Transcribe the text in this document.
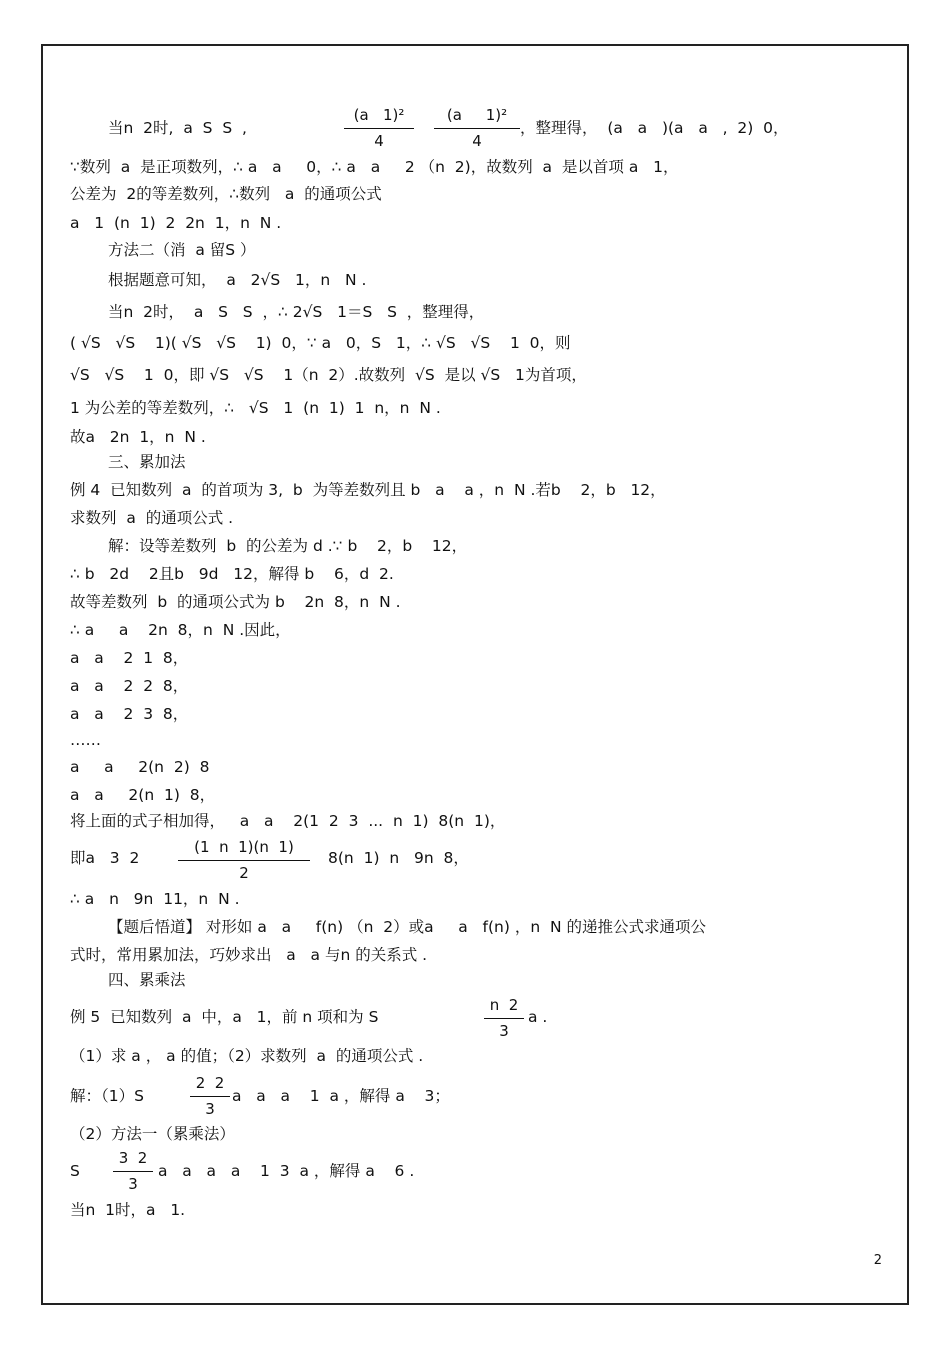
当n  2时,  a  S  S  ,	，整理得，  (a   a   )(a   a   ,  2)  0，
∵数列  a  是正项数列，∴ a   a     0，∴ a   a     2 （n  2)，故数列  a  是以首项 a   1，
公差为  2的等差数列，∴数列   a  的通项公式
a   1  (n  1)  2  2n  1，n  N .
方法二（消  a 留S ）
根据题意可知，  a   2√S   1，n   N .
当n  2时，  a   S   S  ，∴ 2√S   1＝S   S  ，整理得，
( √S   √S    1)( √S   √S    1)  0，∵ a   0，S   1，∴ √S   √S    1  0，则
√S   √S    1  0，即 √S   √S    1（n  2）.故数列  √S  是以 √S   1为首项，
1 为公差的等差数列，∴   √S   1  (n  1)  1  n，n  N .
故a   2n  1，n  N .
三、累加法
例 4  已知数列  a  的首项为 3,  b  为等差数列且 b   a    a ，n  N .若b    2，b   12，
求数列  a  的通项公式 .
解：设等差数列  b  的公差为 d .∵ b    2，b    12，
∴ b   2d    2且b   9d   12，解得 b    6，d  2.
故等差数列  b  的通项公式为 b    2n  8，n  N .
∴ a     a    2n  8，n  N .因此，
a   a    2  1  8，
a   a    2  2  8，
a   a    2  3  8，
……
a     a     2(n  2)  8
a   a     2(n  1)  8，
将上面的式子相加得，   a   a    2(1  2  3  ...  n  1)  8(n  1)，
即a   3  2	8(n  1)  n   9n  8，
∴ a   n   9n  11，n  N .
【题后悟道】 对形如 a   a     f(n) （n  2）或a     a   f(n) ，n  N 的递推公式求通项公
式时，常用累加法，巧妙求出   a   a 与n 的关系式 .
四、累乘法
例 5  已知数列  a  中，a   1，前 n 项和为 S	a .
（1）求 a ， a 的值；（2）求数列  a  的通项公式 .
解：（1）S	a   a   a    1  a ，解得 a    3；
（2）方法一（累乘法）
S	a   a   a   a    1  3  a ，解得 a    6 .
当n  1时，a   1.
(a   1)²
4
(a     1)²
4
(1  n  1)(n  1)
2
n  2
3
2  2
3
3  2
3
2
